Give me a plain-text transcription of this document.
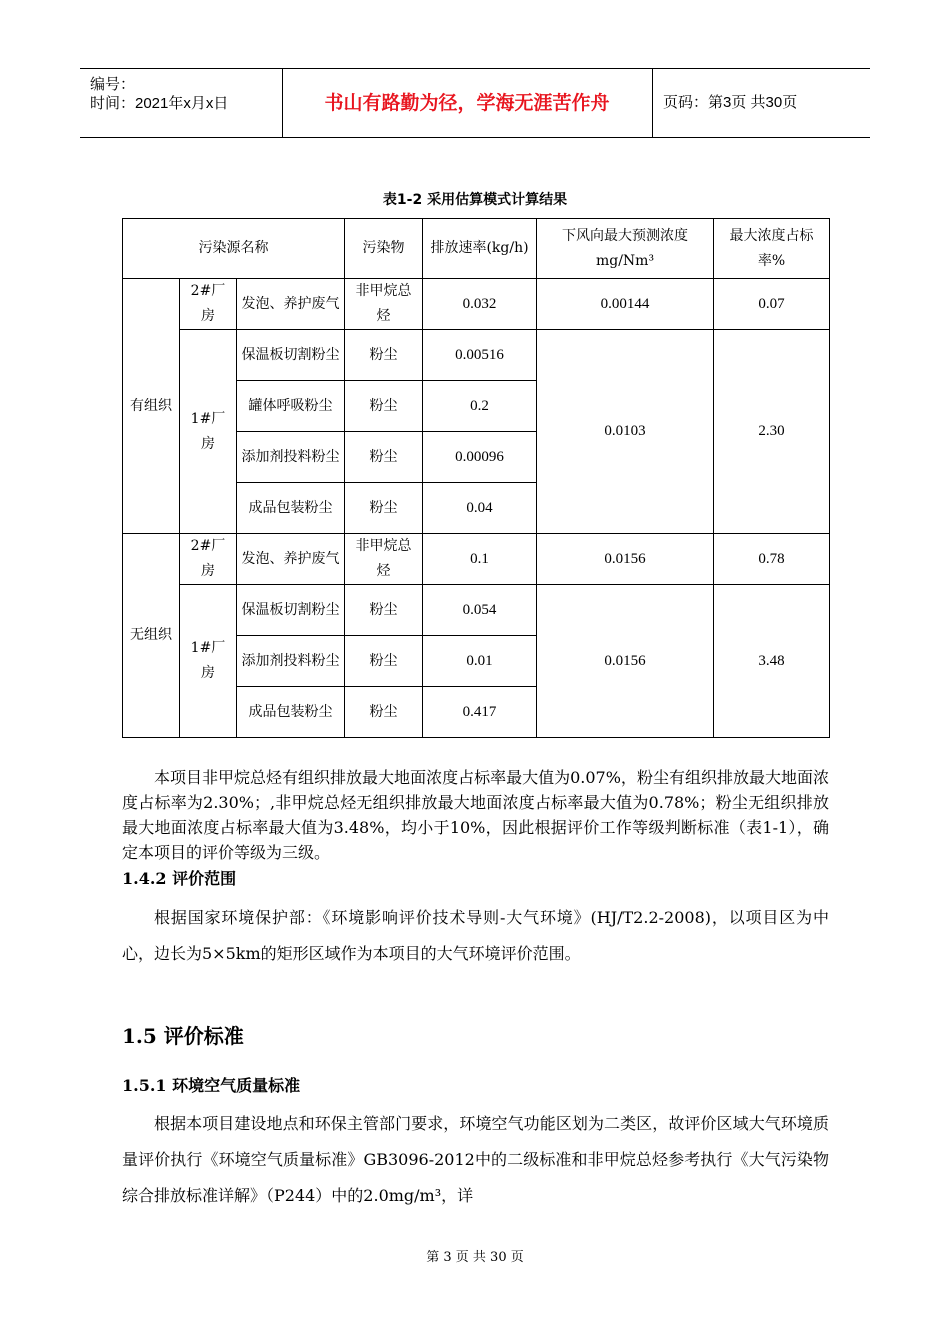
编号：
时间：2021年x月x日	书山有路勤为径，学海无涯苦作舟	页码：第3页 共30页
表1-2 采用估算模式计算结果
污染源名称			污染物	排放速率(kg/h)	下风向最大预测浓度mg/Nm³	最大浓度占标率%
有组织	2#厂房	发泡、养护废气	非甲烷总烃	0.032	0.00144	0.07
	1#厂房	保温板切割粉尘	粉尘	0.00516	0.0103	2.30
		罐体呼吸粉尘	粉尘	0.2		
		添加剂投料粉尘	粉尘	0.00096		
		成品包装粉尘	粉尘	0.04		
无组织	2#厂房	发泡、养护废气	非甲烷总烃	0.1	0.0156	0.78
	1#厂房	保温板切割粉尘	粉尘	0.054	0.0156	3.48
		添加剂投料粉尘	粉尘	0.01		
		成品包装粉尘	粉尘	0.417		

本项目非甲烷总烃有组织排放最大地面浓度占标率最大值为0.07%，粉尘有组织排放最大地面浓度占标率为2.30%；,非甲烷总烃无组织排放最大地面浓度占标率最大值为0.78%；粉尘无组织排放最大地面浓度占标率最大值为3.48%，均小于10%，因此根据评价工作等级判断标准（表1-1），确定本项目的评价等级为三级。

1.4.2 评价范围

根据国家环境保护部：《环境影响评价技术导则-大气环境》(HJ/T2.2-2008)，以项目区为中心，边长为5×5km的矩形区域作为本项目的大气环境评价范围。

1.5 评价标准
1.5.1 环境空气质量标准

根据本项目建设地点和环保主管部门要求，环境空气功能区划为二类区，故评价区域大气环境质量评价执行《环境空气质量标准》GB3096-2012中的二级标准和非甲烷总烃参考执行《大气污染物综合排放标准详解》（P244）中的2.0mg/m³，详

第 3 页 共 30 页
